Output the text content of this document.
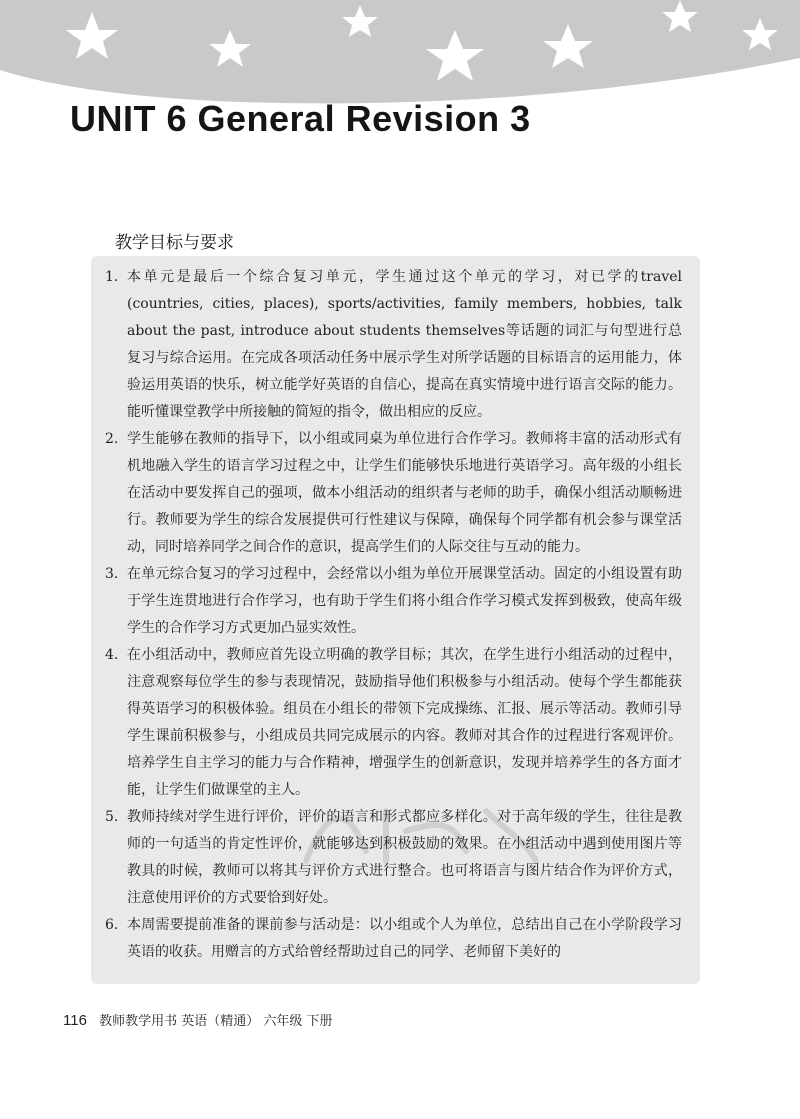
UNIT 6 General Revision 3
教学目标与要求
1. 本单元是最后一个综合复习单元，学生通过这个单元的学习，对已学的travel (countries, cities, places), sports/activities, family members, hobbies, talk about the past, introduce about students themselves等话题的词汇与句型进行总复习与综合运用。在完成各项活动任务中展示学生对所学话题的目标语言的运用能力，体验运用英语的快乐，树立能学好英语的自信心，提高在真实情境中进行语言交际的能力。能听懂课堂教学中所接触的简短的指令，做出相应的反应。
2. 学生能够在教师的指导下，以小组或同桌为单位进行合作学习。教师将丰富的活动形式有机地融入学生的语言学习过程之中，让学生们能够快乐地进行英语学习。高年级的小组长在活动中要发挥自己的强项，做本小组活动的组织者与老师的助手，确保小组活动顺畅进行。教师要为学生的综合发展提供可行性建议与保障，确保每个同学都有机会参与课堂活动，同时培养同学之间合作的意识，提高学生们的人际交往与互动的能力。
3. 在单元综合复习的学习过程中，会经常以小组为单位开展课堂活动。固定的小组设置有助于学生连贯地进行合作学习，也有助于学生们将小组合作学习模式发挥到极致，使高年级学生的合作学习方式更加凸显实效性。
4. 在小组活动中，教师应首先设立明确的教学目标；其次，在学生进行小组活动的过程中，注意观察每位学生的参与表现情况，鼓励指导他们积极参与小组活动。使每个学生都能获得英语学习的积极体验。组员在小组长的带领下完成操练、汇报、展示等活动。教师引导学生课前积极参与，小组成员共同完成展示的内容。教师对其合作的过程进行客观评价。培养学生自主学习的能力与合作精神，增强学生的创新意识，发现并培养学生的各方面才能，让学生们做课堂的主人。
5. 教师持续对学生进行评价，评价的语言和形式都应多样化。对于高年级的学生，往往是教师的一句适当的肯定性评价，就能够达到积极鼓励的效果。在小组活动中遇到使用图片等教具的时候，教师可以将其与评价方式进行整合。也可将语言与图片结合作为评价方式，注意使用评价的方式要恰到好处。
6. 本周需要提前准备的课前参与活动是：以小组或个人为单位，总结出自己在小学阶段学习英语的收获。用赠言的方式给曾经帮助过自己的同学、老师留下美好的
116 教师教学用书 英语（精通） 六年级 下册
